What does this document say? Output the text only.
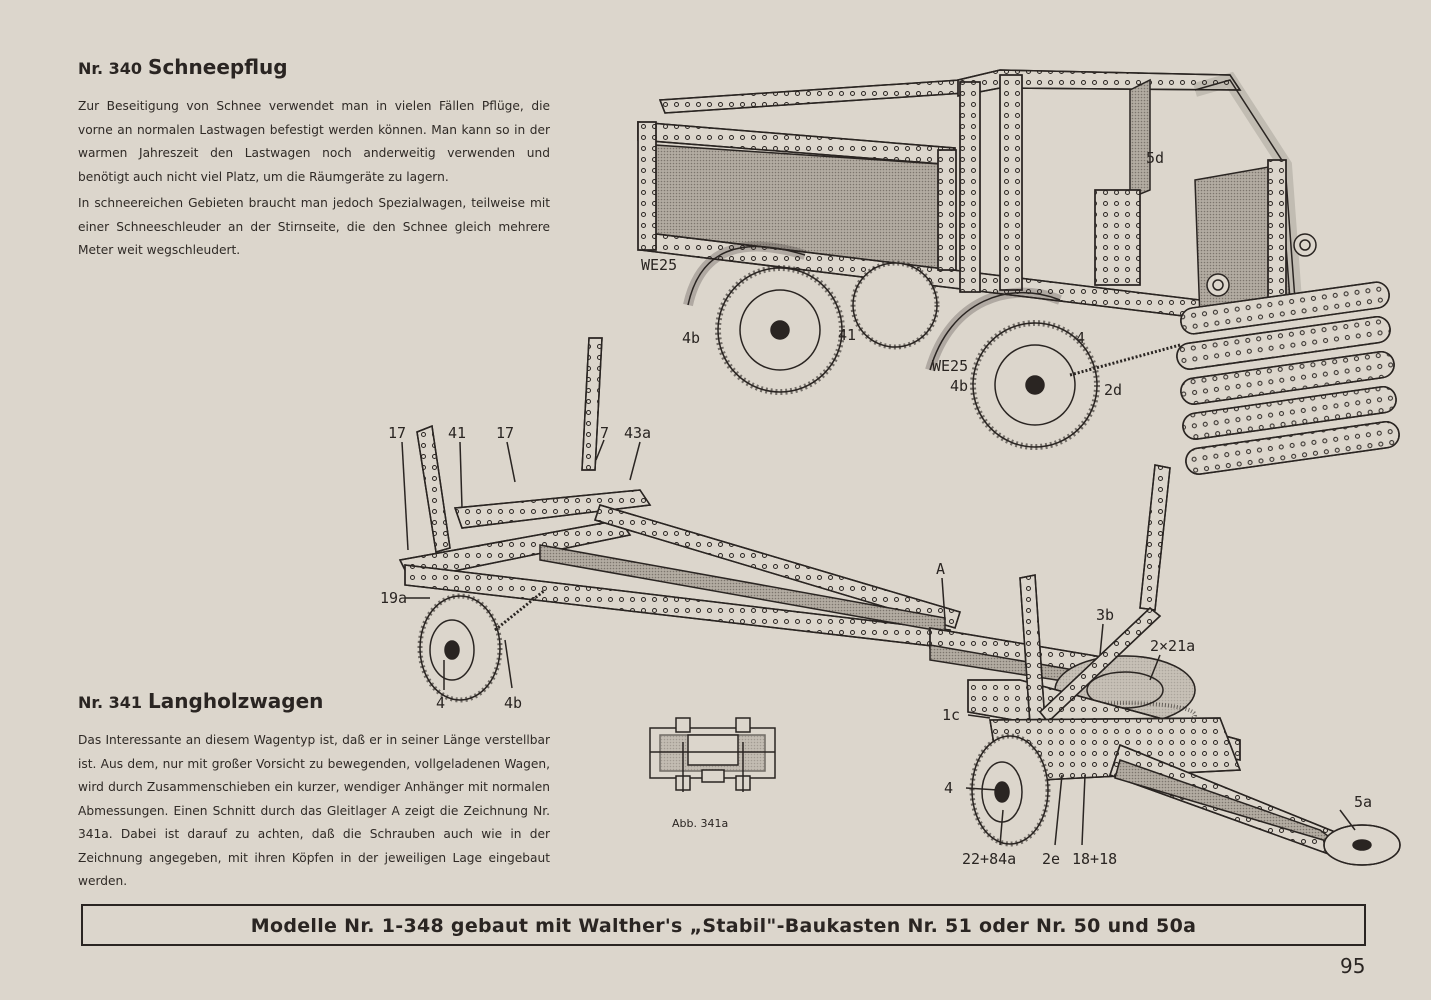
Nr. 340 Schneepflug

Zur Beseitigung von Schnee verwendet man in vielen Fällen Pflüge, die vorne an normalen Lastwagen befestigt werden können. Man kann so in der warmen Jahreszeit den Lastwagen noch anderweitig verwenden und benötigt auch nicht viel Platz, um die Räumgeräte zu lagern.

In schneereichen Gebieten braucht man jedoch Spezialwagen, teilweise mit einer Schneeschleuder an der Stirnseite, die den Schnee gleich mehrere Meter weit wegschleudert.

Nr. 341 Langholzwagen

Das Interessante an diesem Wagentyp ist, daß er in seiner Länge verstellbar ist. Aus dem, nur mit großer Vorsicht zu bewegenden, vollgeladenen Wagen, wird durch Zusammenschieben ein kurzer, wendiger Anhänger mit normalen Abmessungen. Einen Schnitt durch das Gleitlager A zeigt die Zeichnung Nr. 341a. Dabei ist darauf zu achten, daß die Schrauben auch wie in der Zeichnung angegeben, mit ihren Köpfen in der jeweiligen Lage eingebaut werden.

WE25
5d
4b	41
WE25
4b
4
2d
17	41 17	7 43a
19a
4	4b
A
3b
2×21a
1c
4
5a
22+84a 2e 18+18
Abb. 341a
Modelle Nr. 1-348 gebaut mit Walther's „Stabil"-Baukasten Nr. 51 oder Nr. 50 und 50a
95
